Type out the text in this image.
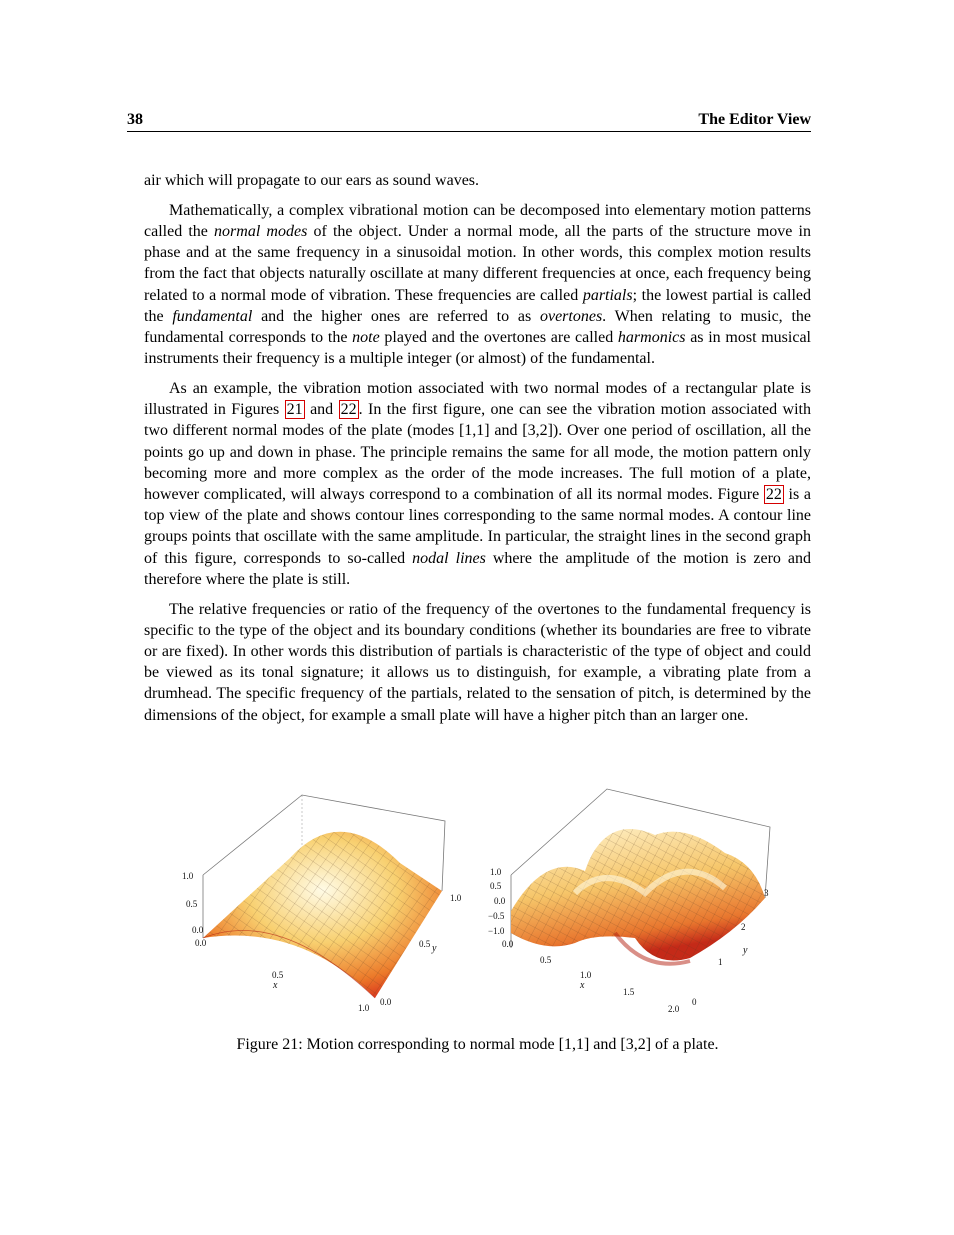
38	The Editor View

air which will propagate to our ears as sound waves.

Mathematically, a complex vibrational motion can be decomposed into elementary motion patterns called the normal modes of the object. Under a normal mode, all the parts of the structure move in phase and at the same frequency in a sinusoidal motion. In other words, this complex motion results from the fact that objects naturally oscillate at many different frequencies at once, each frequency being related to a normal mode of vibration. These frequencies are called partials; the lowest partial is called the fundamental and the higher ones are referred to as overtones. When relating to music, the fundamental corresponds to the note played and the overtones are called harmonics as in most musical instruments their frequency is a multiple integer (or almost) of the fundamental.

As an example, the vibration motion associated with two normal modes of a rectangular plate is illustrated in Figures 21 and 22 . In the first figure, one can see the vibration motion associated with two different normal modes of the plate (modes [1,1] and [3,2]). Over one period of oscillation, all the points go up and down in phase. The principle remains the same for all mode, the motion pattern only becoming more and more complex as the order of the mode increases. The full motion of a plate, however complicated, will always correspond to a combination of all its normal modes. Figure 22 is a top view of the plate and shows contour lines corresponding to the same normal modes. A contour line groups points that oscillate with the same amplitude. In particular, the straight lines in the second graph of this figure, corresponds to so-called nodal lines where the amplitude of the motion is zero and therefore where the plate is still.

The relative frequencies or ratio of the frequency of the overtones to the fundamental frequency is specific to the type of the object and its boundary conditions (whether its boundaries are free to vibrate or are fixed). In other words this distribution of partials is characteristic of the type of object and could be viewed as its tonal signature; it allows us to distinguish, for example, a vibrating plate from a drumhead. The specific frequency of the partials, related to the sensation of pitch, is determined by the dimensions of the object, for example a small plate will have a higher pitch than an larger one.

1.0
0.5
0.0
0.0
0.5
1.0
x
1.0
0.5
0.0
y
1.0
0.5
0.0
−0.5
−1.0
0.0
0.5
1.0
1.5
2.0
x
3
2
1
0
y
Figure 21: Motion corresponding to normal mode [1,1] and [3,2] of a plate.
